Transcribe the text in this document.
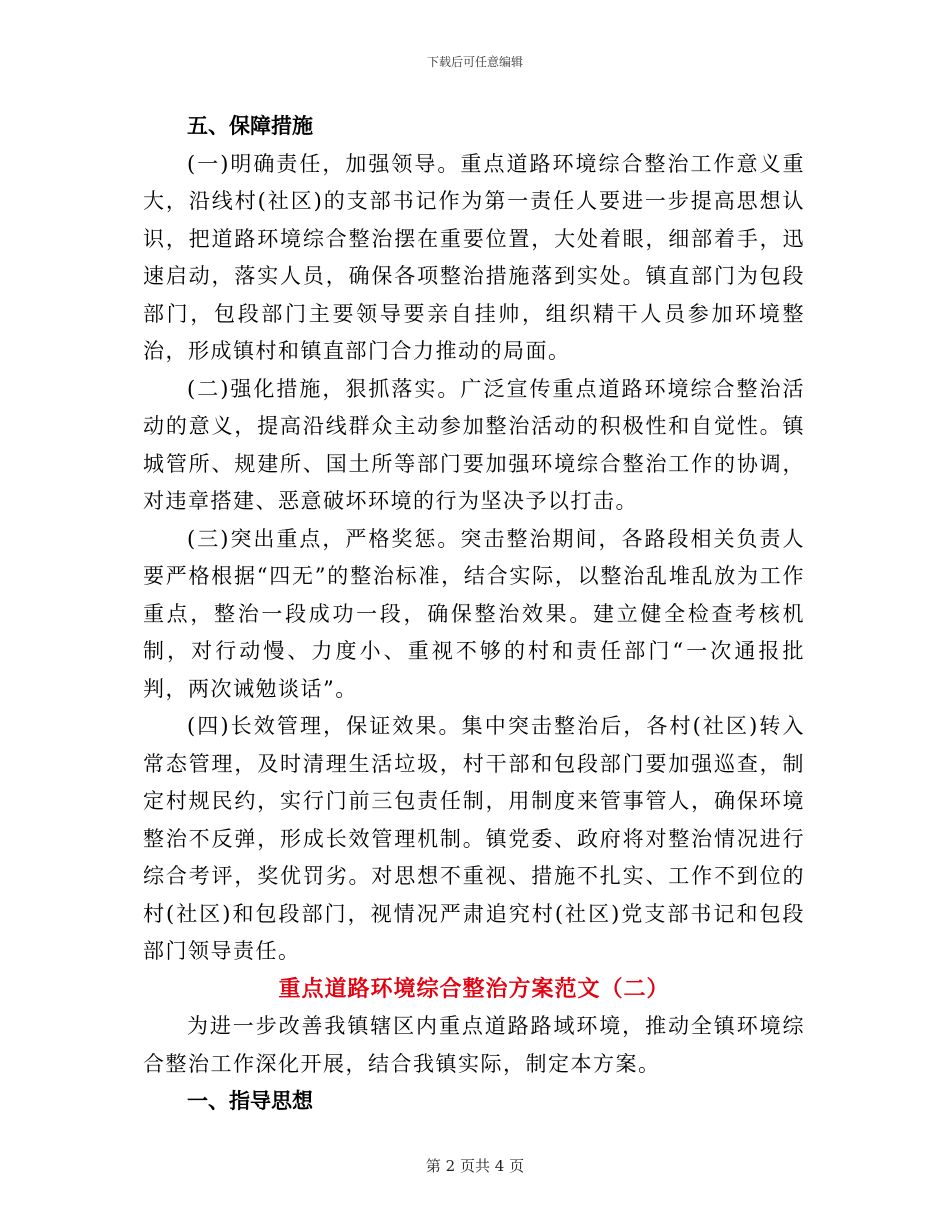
下载后可任意编辑

五、保障措施

(一)明确责任，加强领导。重点道路环境综合整治工作意义重大，沿线村(社区)的支部书记作为第一责任人要进一步提高思想认识，把道路环境综合整治摆在重要位置，大处着眼，细部着手，迅速启动，落实人员，确保各项整治措施落到实处。镇直部门为包段部门，包段部门主要领导要亲自挂帅，组织精干人员参加环境整治，形成镇村和镇直部门合力推动的局面。

(二)强化措施，狠抓落实。广泛宣传重点道路环境综合整治活动的意义，提高沿线群众主动参加整治活动的积极性和自觉性。镇城管所、规建所、国土所等部门要加强环境综合整治工作的协调，对违章搭建、恶意破坏环境的行为坚决予以打击。

(三)突出重点，严格奖惩。突击整治期间，各路段相关负责人要严格根据“四无”的整治标准，结合实际，以整治乱堆乱放为工作重点，整治一段成功一段，确保整治效果。建立健全检查考核机制，对行动慢、力度小、重视不够的村和责任部门“一次通报批判，两次诫勉谈话”。

(四)长效管理，保证效果。集中突击整治后，各村(社区)转入常态管理，及时清理生活垃圾，村干部和包段部门要加强巡查，制定村规民约，实行门前三包责任制，用制度来管事管人，确保环境整治不反弹，形成长效管理机制。镇党委、政府将对整治情况进行综合考评，奖优罚劣。对思想不重视、措施不扎实、工作不到位的村(社区)和包段部门，视情况严肃追究村(社区)党支部书记和包段部门领导责任。

重点道路环境综合整治方案范文（二）

为进一步改善我镇辖区内重点道路路域环境，推动全镇环境综合整治工作深化开展，结合我镇实际，制定本方案。

一、指导思想

第 2 页共 4 页
